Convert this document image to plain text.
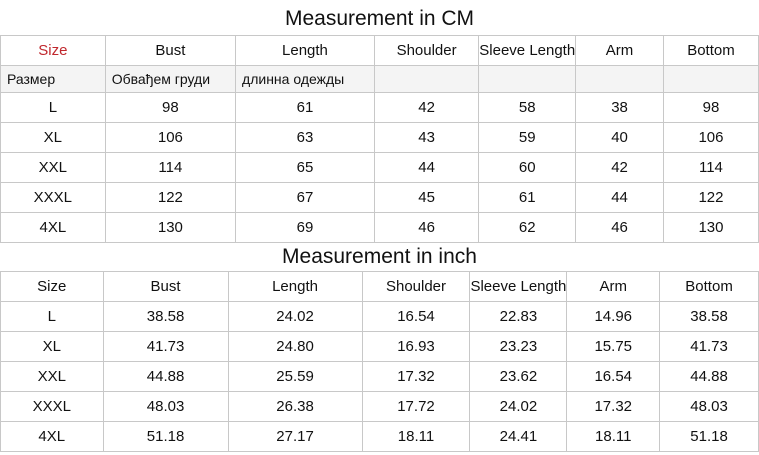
Measurement in CM
Size	Bust	Length	Shoulder	Sleeve Length	Arm	Bottom
Размер	Обвађем груди	длинна одежды				
L	98	61	42	58	38	98
XL	106	63	43	59	40	106
XXL	114	65	44	60	42	114
XXXL	122	67	45	61	44	122
4XL	130	69	46	62	46	130
Measurement in inch
Size	Bust	Length	Shoulder	Sleeve Length	Arm	Bottom
L	38.58	24.02	16.54	22.83	14.96	38.58
XL	41.73	24.80	16.93	23.23	15.75	41.73
XXL	44.88	25.59	17.32	23.62	16.54	44.88
XXXL	48.03	26.38	17.72	24.02	17.32	48.03
4XL	51.18	27.17	18.11	24.41	18.11	51.18
